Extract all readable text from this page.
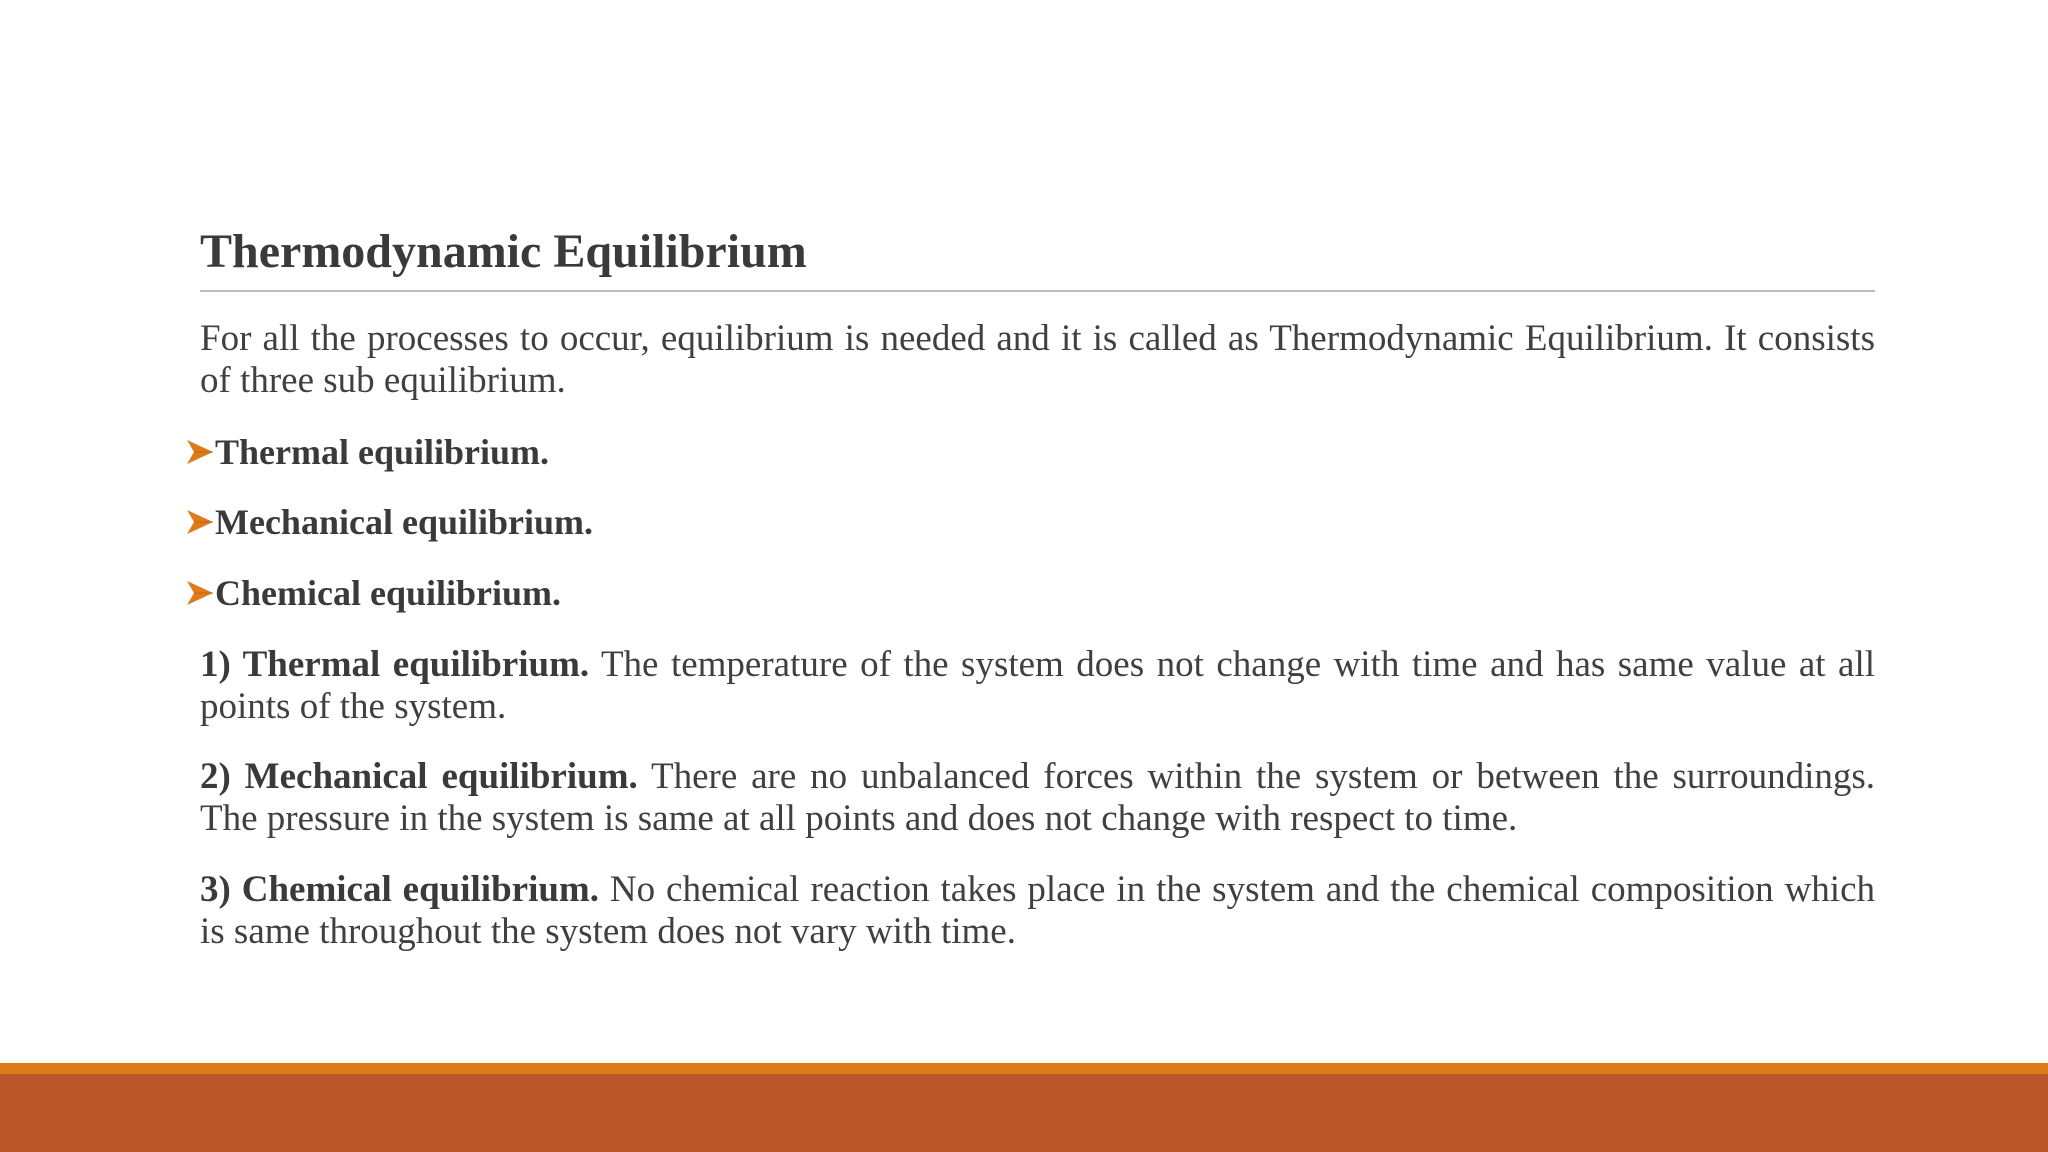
Thermodynamic Equilibrium
For all the processes to occur, equilibrium is needed and it is called as Thermodynamic Equilibrium. It consists of three sub equilibrium.
Thermal equilibrium.
Mechanical equilibrium.
Chemical equilibrium.
1) Thermal equilibrium. The temperature of the system does not change with time and has same value at all points of the system.
2) Mechanical equilibrium. There are no unbalanced forces within the system or between the surroundings. The pressure in the system is same at all points and does not change with respect to time.
3) Chemical equilibrium. No chemical reaction takes place in the system and the chemical composition which is same throughout the system does not vary with time.
